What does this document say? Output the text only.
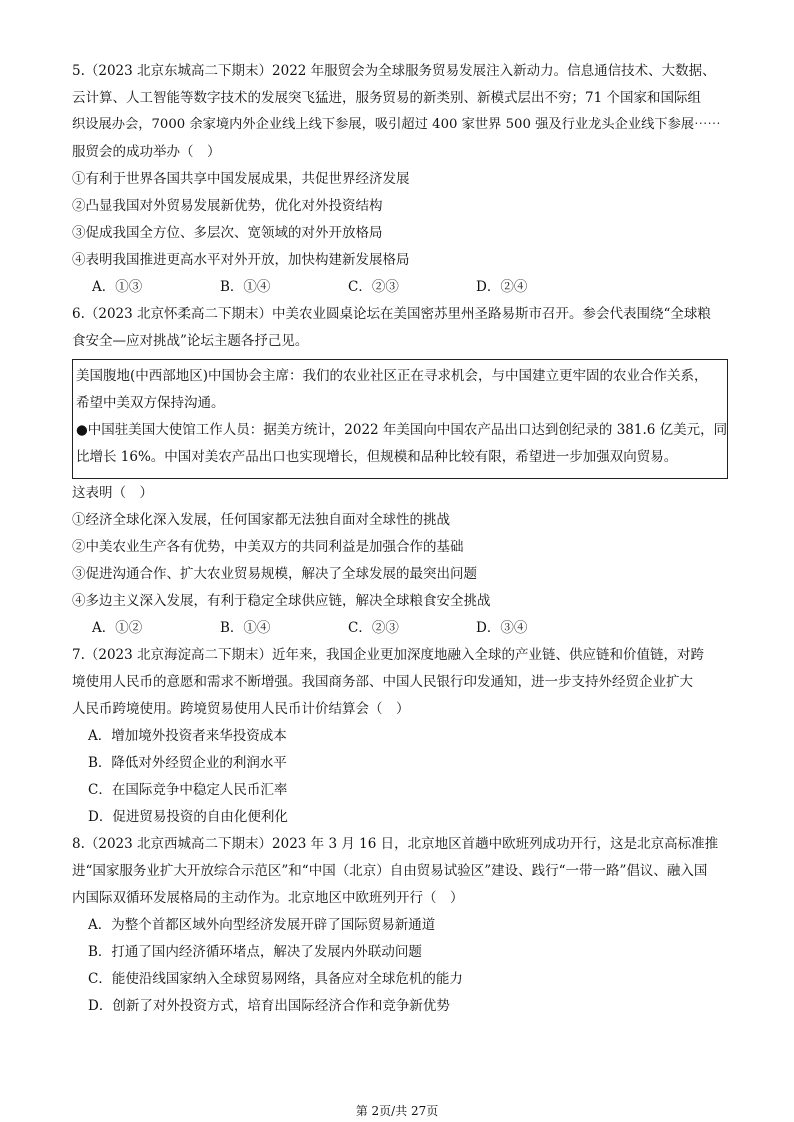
5.（2023 北京东城高二下期末）2022 年服贸会为全球服务贸易发展注入新动力。信息通信技术、大数据、
云计算、人工智能等数字技术的发展突飞猛进，服务贸易的新类别、新模式层出不穷；71 个国家和国际组
织设展办会，7000 余家境内外企业线上线下参展，吸引超过 400 家世界 500 强及行业龙头企业线下参展⋯⋯
服贸会的成功举办（　）
①有利于世界各国共享中国发展成果，共促世界经济发展
②凸显我国对外贸易发展新优势，优化对外投资结构
③促成我国全方位、多层次、宽领域的对外开放格局
④表明我国推进更高水平对外开放，加快构建新发展格局
A．①③	B．①④	C．②③	D．②④
6.（2023 北京怀柔高二下期末）中美农业圆桌论坛在美国密苏里州圣路易斯市召开。参会代表围绕“全球粮
食安全—应对挑战”论坛主题各抒己见。
美国腹地(中西部地区)中国协会主席：我们的农业社区正在寻求机会，与中国建立更牢固的农业合作关系，
希望中美双方保持沟通。
●中国驻美国大使馆工作人员：据美方统计，2022 年美国向中国农产品出口达到创纪录的 381.6 亿美元，同
比增长 16%。中国对美农产品出口也实现增长，但规模和品种比较有限，希望进一步加强双向贸易。
这表明（　）
①经济全球化深入发展，任何国家都无法独自面对全球性的挑战
②中美农业生产各有优势，中美双方的共同利益是加强合作的基础
③促进沟通合作、扩大农业贸易规模，解决了全球发展的最突出问题
④多边主义深入发展，有利于稳定全球供应链，解决全球粮食安全挑战
A．①②	B．①④	C．②③	D．③④
7.（2023 北京海淀高二下期末）近年来，我国企业更加深度地融入全球的产业链、供应链和价值链，对跨
境使用人民币的意愿和需求不断增强。我国商务部、中国人民银行印发通知，进一步支持外经贸企业扩大
人民币跨境使用。跨境贸易使用人民币计价结算会（　）
A．增加境外投资者来华投资成本
B．降低对外经贸企业的利润水平
C．在国际竞争中稳定人民币汇率
D．促进贸易投资的自由化便利化
8.（2023 北京西城高二下期末）2023 年 3 月 16 日，北京地区首趟中欧班列成功开行，这是北京高标准推
进“国家服务业扩大开放综合示范区”和“中国（北京）自由贸易试验区”建设、践行“一带一路”倡议、融入国
内国际双循环发展格局的主动作为。北京地区中欧班列开行（　）
A．为整个首都区域外向型经济发展开辟了国际贸易新通道
B．打通了国内经济循环堵点，解决了发展内外联动问题
C．能使沿线国家纳入全球贸易网络，具备应对全球危机的能力
D．创新了对外投资方式，培育出国际经济合作和竞争新优势
第 2页/共 27页
